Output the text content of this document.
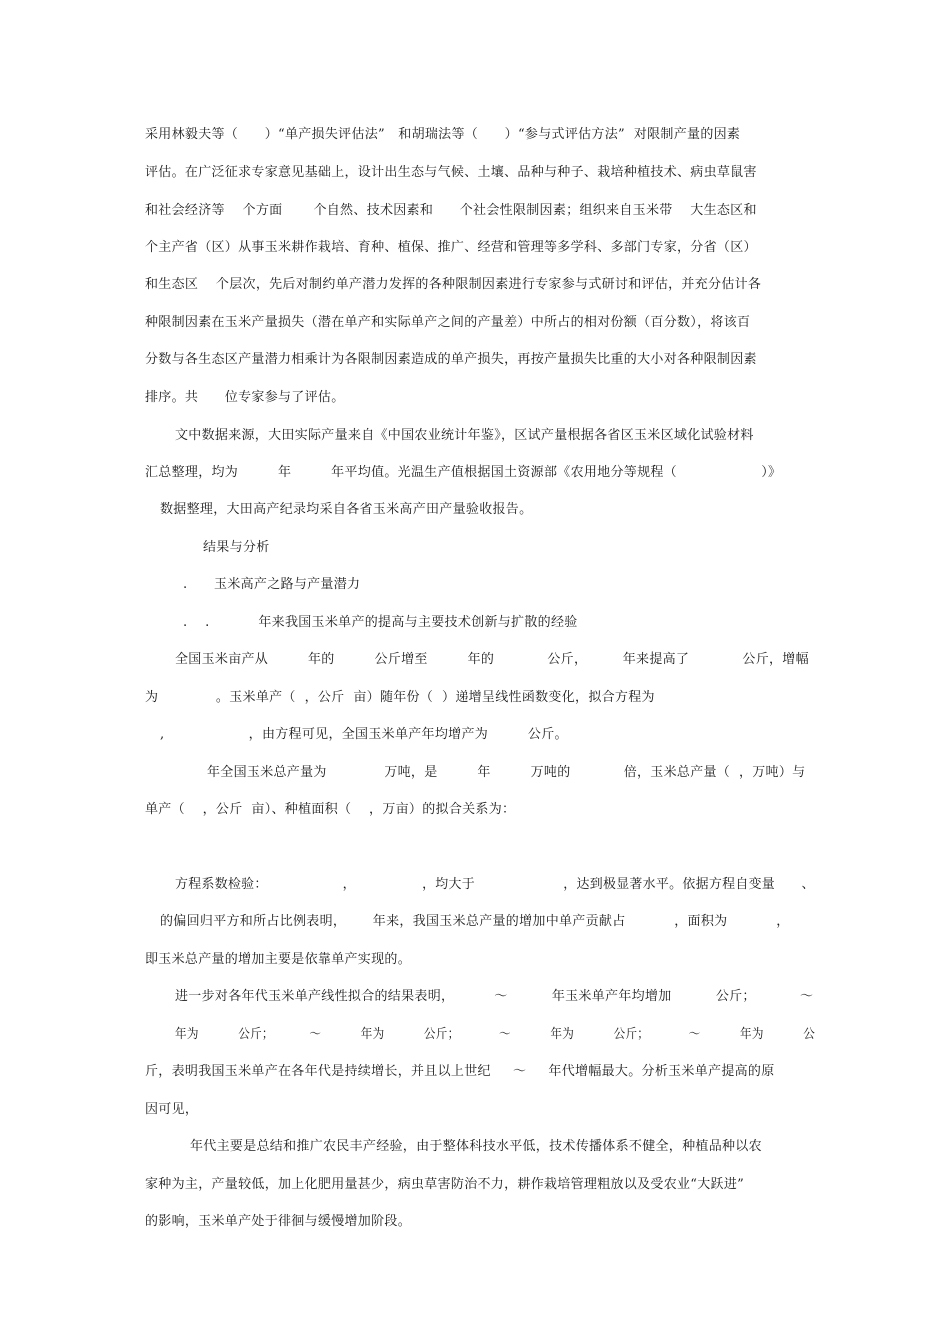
采用林毅夫等（      ）“单产损失评估法”   和胡瑞法等（      ）“参与式评估方法”  对限制产量的因素
评估。在广泛征求专家意见基础上，设计出生态与气候、土壤、品种与种子、栽培种植技术、病虫草鼠害
和社会经济等    个方面       个自然、技术因素和      个社会性限制因素；组织来自玉米带    大生态区和
个主产省（区）从事玉米耕作栽培、育种、植保、推广、经营和管理等多学科、多部门专家，分省（区）
和生态区    个层次，先后对制约单产潜力发挥的各种限制因素进行专家参与式研讨和评估，并充分估计各
种限制因素在玉米产量损失（潜在单产和实际单产之间的产量差）中所占的相对份额（百分数），将该百
分数与各生态区产量潜力相乘计为各限制因素造成的单产损失，再按产量损失比重的大小对各种限制因素
排序。共      位专家参与了评估。
文中数据来源，大田实际产量来自《中国农业统计年鉴》，区试产量根据各省区玉米区域化试验材料
汇总整理，均为         年         年平均值。光温生产值根据国土资源部《农用地分等规程（                   ）》
数据整理，大田高产纪录均采自各省玉米高产田产量验收报告。
结果与分析
.      玉米高产之路与产量潜力
.    .           年来我国玉米单产的提高与主要技术创新与扩散的经验
全国玉米亩产从         年的         公斤增至         年的            公斤，        年来提高了            公斤，增幅
为             。玉米单产（  ，公斤  亩）随年份（  ）递增呈线性函数变化，拟合方程为
,                   ，由方程可见，全国玉米单产年均增产为         公斤。
年全国玉米总产量为             万吨，是         年         万吨的            倍，玉米总产量（  ，万吨）与
单产（    ，公斤  亩）、种植面积（    ，万亩）的拟合关系为：
方程系数检验：                 ，               ，均大于                    ，达到极显著水平。依据方程自变量      、
的偏回归平方和所占比例表明，      年来，我国玉米总产量的增加中单产贡献占           ，面积为           ，
即玉米总产量的增加主要是依靠单产实现的。
进一步对各年代玉米单产线性拟合的结果表明，         ～          年玉米单产年均增加          公斤；          ～
年为          公斤；         ～          年为          公斤；          ～          年为          公斤；          ～          年为          公
斤，表明我国玉米单产在各年代是持续增长，并且以上世纪     ～     年代增幅最大。分析玉米单产提高的原
因可见，
年代主要是总结和推广农民丰产经验，由于整体科技水平低，技术传播体系不健全，种植品种以农
家种为主，产量较低，加上化肥用量甚少，病虫草害防治不力，耕作栽培管理粗放以及受农业“大跃进”
的影响，玉米单产处于徘徊与缓慢增加阶段。
